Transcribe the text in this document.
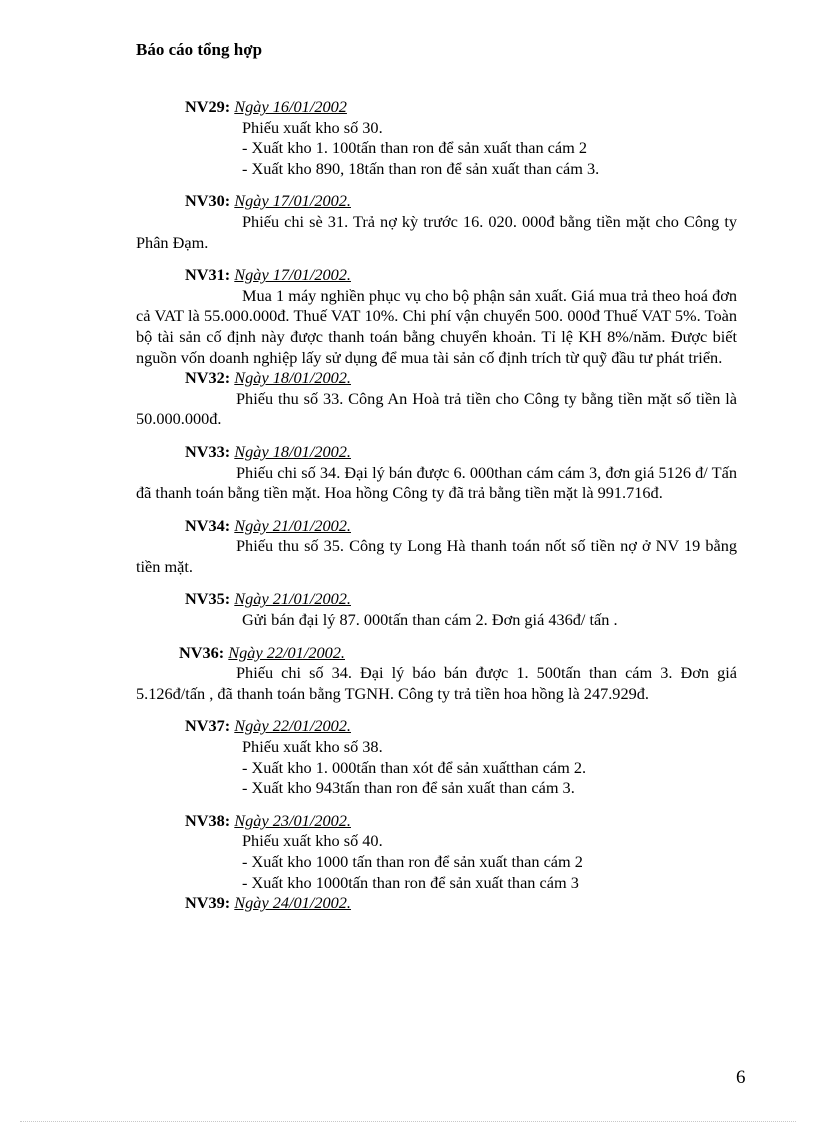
Báo cáo tổng hợp
NV29: Ngày 16/01/2002
Phiếu xuất kho số 30.
- Xuất kho 1. 100tấn than ron để sản xuất than cám 2
- Xuất kho 890, 18tấn than ron để sản xuất than cám 3.
NV30: Ngày 17/01/2002.

Phiếu chi sè 31. Trả nợ kỳ trước 16. 020. 000đ bằng tiền mặt cho Công ty Phân Đạm.

NV31: Ngày 17/01/2002.

Mua 1 máy nghiền phục vụ cho bộ phận sản xuất. Giá mua trả theo hoá đơn cả VAT là 55.000.000đ. Thuế VAT 10%. Chi phí vận chuyển 500. 000đ Thuế VAT 5%. Toàn bộ tài sản cố định này được thanh toán bằng chuyển khoản. Tỉ lệ KH 8%/năm. Được biết nguồn vốn doanh nghiệp lấy sử dụng để mua tài sản cố định trích từ quỹ đầu tư phát triển.

NV32: Ngày 18/01/2002.

Phiếu thu số 33. Công An Hoà trả tiền cho Công ty bằng tiền mặt số tiền là 50.000.000đ.

NV33: Ngày 18/01/2002.

Phiếu chi số 34. Đại lý bán được 6. 000than cám cám 3, đơn giá 5126 đ/ Tấn đã thanh toán bằng tiền mặt. Hoa hồng Công ty đã trả bằng tiền mặt là 991.716đ.

NV34: Ngày 21/01/2002.

Phiếu thu số 35. Công ty Long Hà thanh toán nốt số tiền nợ ở NV 19 bằng tiền mặt.

NV35: Ngày 21/01/2002.
Gửi bán đại lý 87. 000tấn than cám 2. Đơn giá 436đ/ tấn .
NV36: Ngày 22/01/2002.

Phiếu chi số 34. Đại lý báo bán được 1. 500tấn than cám 3. Đơn giá 5.126đ/tấn , đã thanh toán bằng TGNH. Công ty trả tiền hoa hồng là 247.929đ.

NV37: Ngày 22/01/2002.
Phiếu xuất kho số 38.
- Xuất kho 1. 000tấn than xót để sản xuấtthan cám 2.
- Xuất kho 943tấn than ron để sản xuất than cám 3.
NV38: Ngày 23/01/2002.
Phiếu xuất kho số 40.
- Xuất kho 1000 tấn than ron để sản xuất than cám 2
- Xuất kho 1000tấn than ron để sản xuất than cám 3
NV39: Ngày 24/01/2002.
6
